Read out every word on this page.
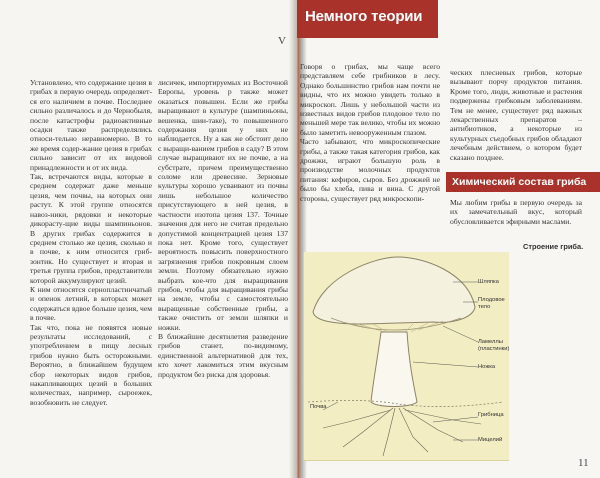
V
Установлено, что содержание цезия в грибах в первую очередь определяет-ся его наличием в почве. Последнее сильно различалось и до Чернобыля, после катастрофы радиоактивные осадки также распределялись относи-тельно неравномерно. В то же время содер-жание цезия в грибах сильно зависит от их видовой принадлежности и от их вида.
Так, встречаются виды, которые в среднем содержат даже меньше цезия, чем почвы, на которых они растут. К этой группе относятся навоз-ники, рядовки и некоторые дикорасту-щие виды шампиньонов. В других грибах содержится в среднем столько же цезия, сколько и в почве, к ним относится гриб-зонтик. Но существует и вторая и третья группа грибов, представители которой аккумулируют цезий.
К ним относятся сернопластинчатый и опенок летний, в которых может содержаться вдвое больше цезия, чем в почве.
Так что, пока не появятся новые результаты исследований, с употреблением в пищу лесных грибов нужно быть осторожными. Вероятно, в ближайшем будущем сбор некоторых видов грибов, накапливающих цезий в больших количествах, например, сыроежек, возобновить не следует.
лисичек, импортируемых из Восточной Европы, уровень р также может оказаться повышен. Если же грибы выращивают в культуре (шампиньоны, вешенка, шии-таке), то повышенного содержания цезия у них не наблюдается. Ну а как же обстоит дело с выращи-ванием грибов в саду? В этом случае выращивают их не почве, а на субстрате, причем преимущественно соломе или древесине. Зерновые культуры хорошо усваивают из почвы лишь небольшое количество присутствующего в ней цезия, в частности изотопа цезия 137. Точные значения для него не считая предельно допустимой концентрацией цезия 137 пока нет. Кроме того, существует вероятность повысить поверхностного загрязнения грибов покровным слоем земли. Поэтому обязательно нужно выбрать кое-что для выращивания грибов, чтобы для выращивания грибы на земле, чтобы с самостоятельно выращенные собственные грибы, а также очистить от земли шляпки и ножки.
В ближайшие десятилетия разведение грибов станет, по-видимому, единственной альтернативой для тех, кто хочет лакомиться этим вкусным продуктом без риска для здоровья.
Немного теории
Говоря о грибах, мы чаще всего представляем себе грибников в лесу. Однако большинство грибов нам почти не видны, что их можно увидеть только в микроскоп. Лишь у небольшой части из известных видов грибов плодовое тело по меньшей мере так велико, чтобы их можно было заметить невооруженным глазом.
Часто забывают, что микроскопические грибы, а также такая категория грибов, как дрожжи, играют большую роль в производстве молочных продуктов питания: кефиров, сыров. Без дрожжей не было бы хлеба, пива и вина. С другой стороны, существует ряд микроскопи-
ческих плесневых грибов, которые вызывают порчу продуктов питания. Кроме того, люди, животные и растения подвержены грибковым заболеваниям. Тем не менее, существует ряд важных лекарственных препаратов – антибиотиков, а некоторые из культурных съедобных грибов обладают лечебным действием, о котором будет сказано позднее.
Химический состав гриба
Мы любим грибы в первую очередь за их замечательный вкус, который обусловливается эфирными маслами.
Строение гриба.
Шляпка
Плодовое тело
Ламеллы (пластинки)
Ножка
Почва
Грибница
Мицелий
11
